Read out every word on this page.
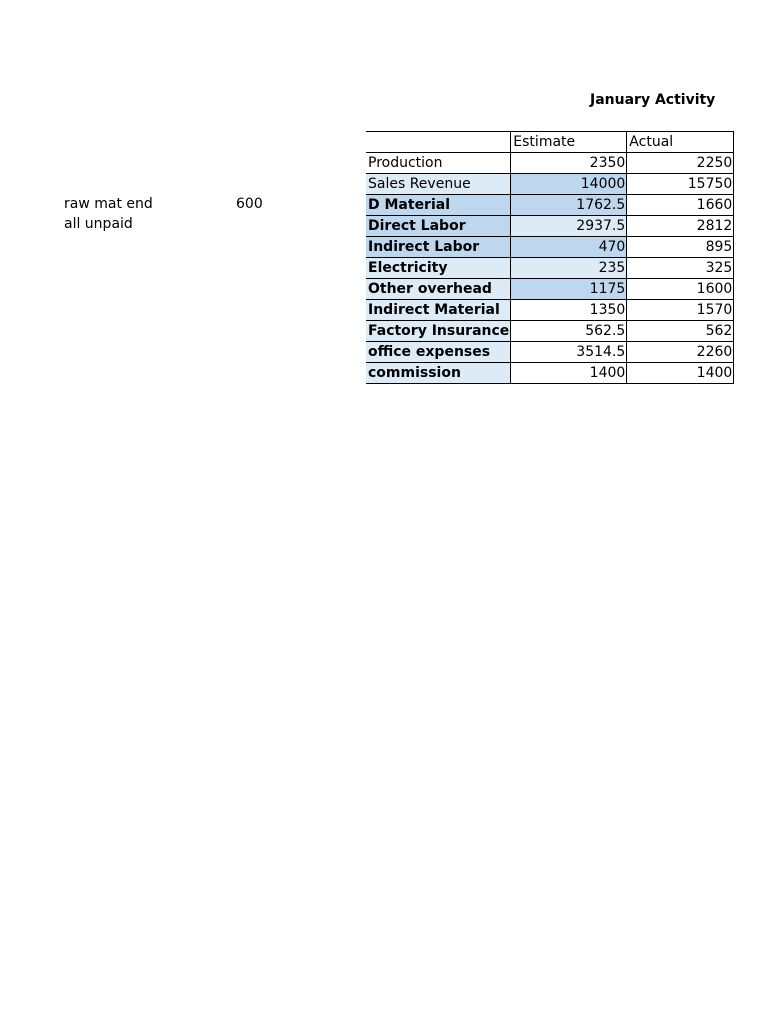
January Activity
raw mat end	600
all unpaid
	Estimate	Actual
Production	2350	2250
Sales Revenue	14000	15750
D Material	1762.5	1660
Direct Labor	2937.5	2812
Indirect Labor	470	895
Electricity	235	325
Other overhead	1175	1600
Indirect Material	1350	1570
Factory Insurance	562.5	562
office expenses	3514.5	2260
commission	1400	1400
